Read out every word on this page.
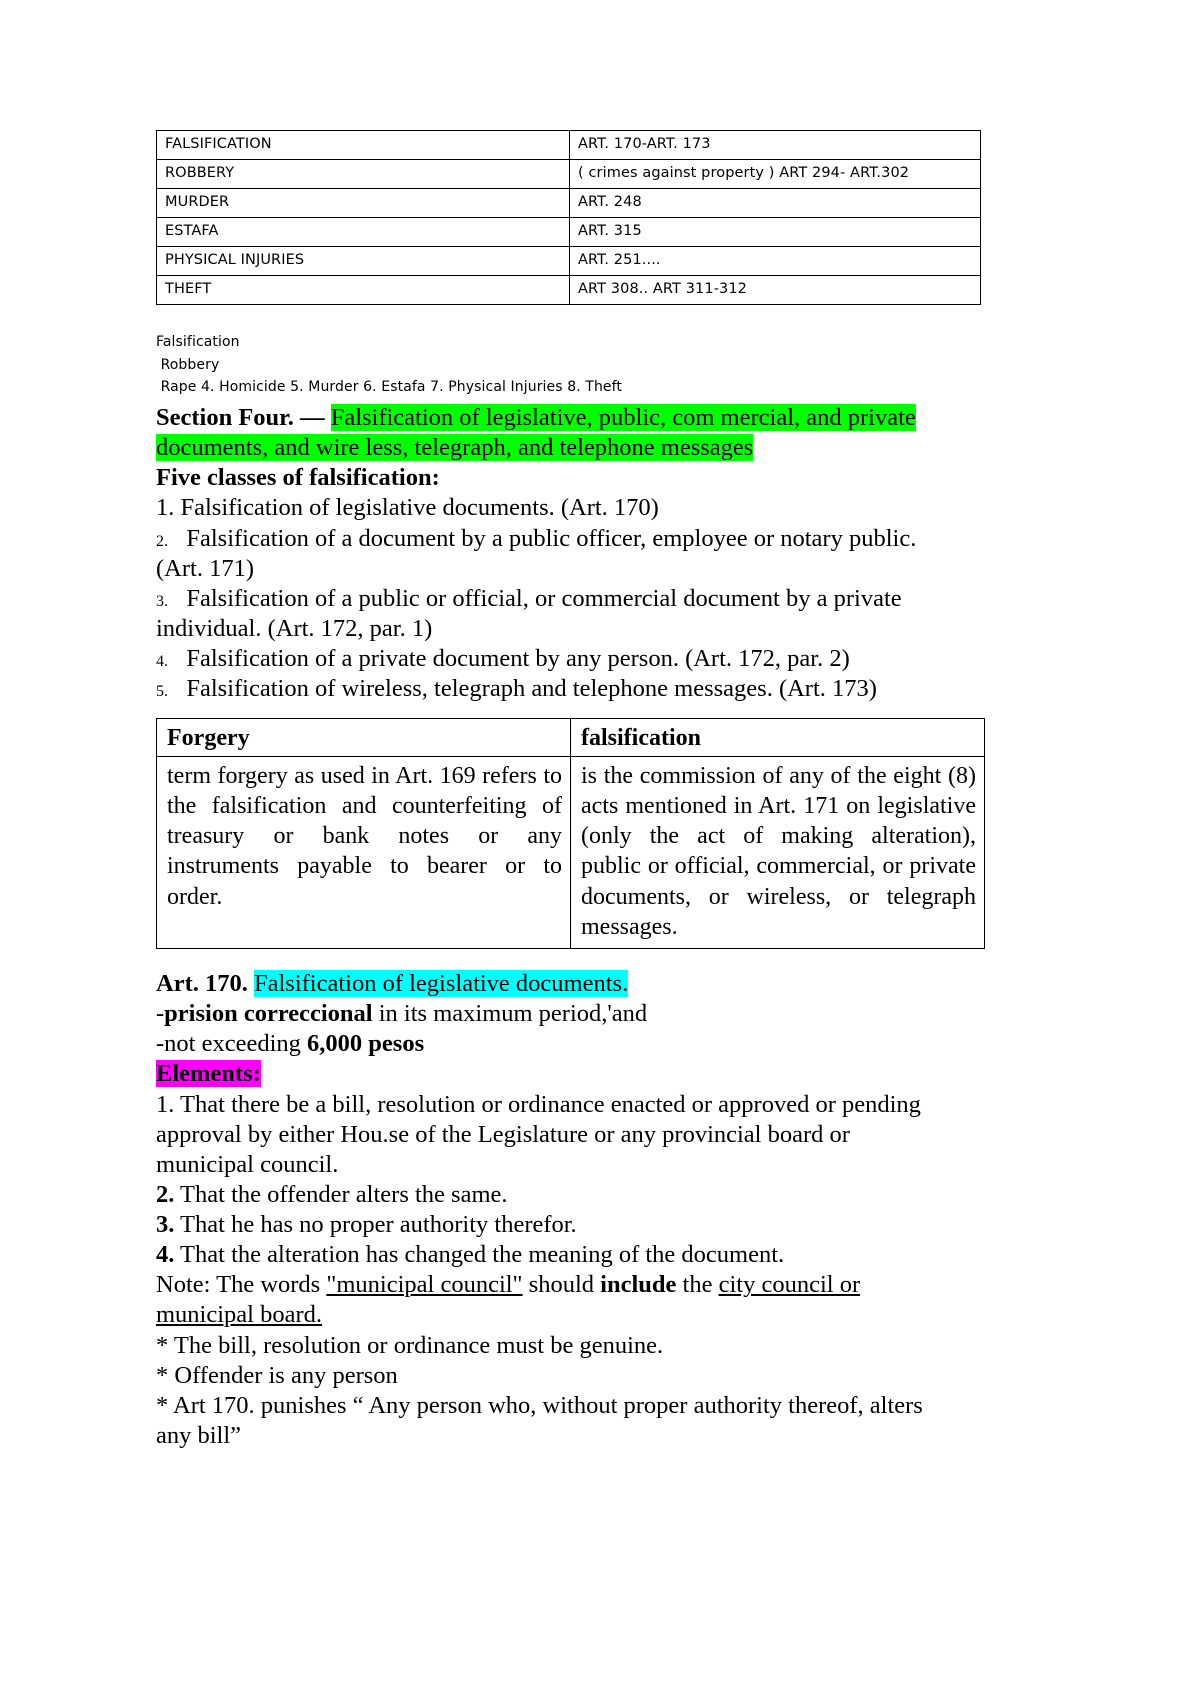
FALSIFICATION	ART. 170-ART. 173
ROBBERY	( crimes against property ) ART 294- ART.302
MURDER	ART. 248
ESTAFA	ART. 315
PHYSICAL INJURIES	ART. 251....
THEFT	ART 308.. ART 311-312
Falsification
Robbery
Rape 4. Homicide 5. Murder 6. Estafa 7. Physical Injuries 8. Theft

Section Four. — Falsification of legislative, public, com mercial, and private documents, and wire less, telegraph, and telephone messages

Five classes of falsification:

1. Falsification of legislative documents. (Art. 170)

2. Falsification of a document by a public officer, employee or notary public. (Art. 171)

3. Falsification of a public or official, or commercial document by a private individual. (Art. 172, par. 1)

4. Falsification of a private document by any person. (Art. 172, par. 2)

5. Falsification of wireless, telegraph and telephone messages. (Art. 173)

Forgery	falsification
term forgery as used in Art. 169 refers to the falsification and counterfeiting of treasury or bank notes or any instruments payable to bearer or to order.	is the commission of any of the eight (8) acts mentioned in Art. 171 on legislative (only the act of making alteration), public or official, commercial, or private documents, or wireless, or telegraph messages.

Art. 170. Falsification of legislative documents.

-prision correccional in its maximum period,'and

-not exceeding 6,000 pesos

Elements:

1. That there be a bill, resolution or ordinance enacted or approved or pending approval by either Hou.se of the Legislature or any provincial board or municipal council.

2. That the offender alters the same.

3. That he has no proper authority therefor.

4. That the alteration has changed the meaning of the document.

Note: The words "municipal council" should include the city council or municipal board.

* The bill, resolution or ordinance must be genuine.

* Offender is any person

* Art 170. punishes “ Any person who, without proper authority thereof, alters any bill”
